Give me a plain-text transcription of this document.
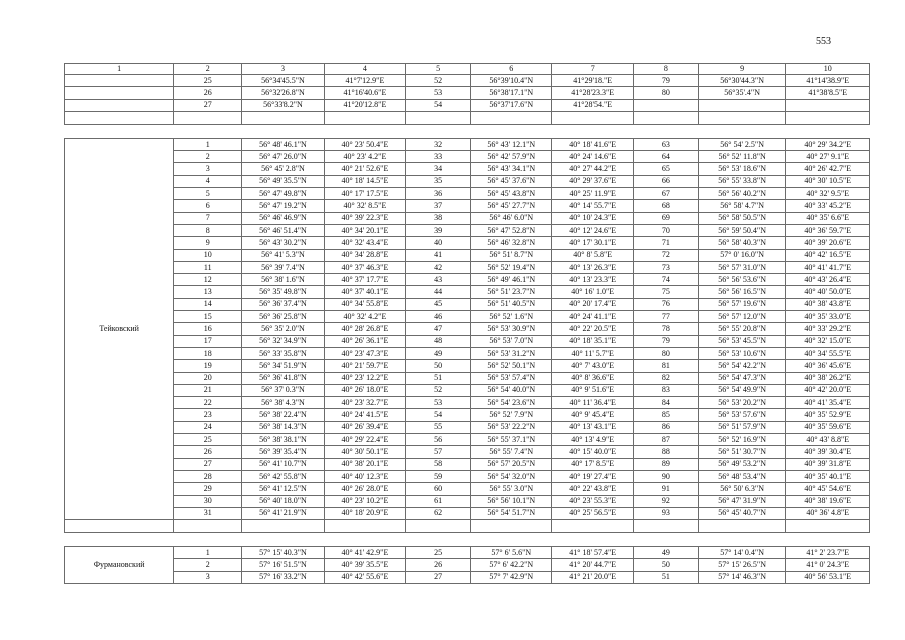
553
1	2	3	4	5	6	7	8	9	10
	25	56°34'45.5"N	41°7'12.9"E	52	56°39'10.4"N	41°29'18."E	79	56°30'44.3"N	41°14'38.9"E
	26	56°32'26.8"N	41°16'40.6"E	53	56°38'17.1"N	41°28'23.3"E	80	56°35'.4"N	41°38'8.5"E
	27	56°33'8.2"N	41°20'12.8"E	54	56°37'17.6"N	41°28'54."E			

Тейковский	1	56° 48' 46.1"N	40° 23' 50.4"E	32	56° 43' 12.1"N	40° 18' 41.6"E	63	56° 54' 2.5"N	40° 29' 34.2"E
	2	56° 47' 26.0"N	40° 23' 4.2"E	33	56° 42' 57.9"N	40° 24' 14.6"E	64	56° 52' 11.8"N	40° 27' 9.1"E
	3	56° 45' 2.8"N	40° 21' 52.6"E	34	56° 43' 34.1"N	40° 27' 44.2"E	65	56° 53' 18.6"N	40° 26' 42.7"E
	4	56° 49' 35.5"N	40° 18' 14.5"E	35	56° 45' 37.6"N	40° 29' 37.6"E	66	56° 55' 33.8"N	40° 30' 10.5"E
	5	56° 47' 49.8"N	40° 17' 17.5"E	36	56° 45' 43.8"N	40° 25' 11.9"E	67	56° 56' 40.2"N	40° 32' 9.5"E
	6	56° 47' 19.2"N	40° 32' 8.5"E	37	56° 45' 27.7"N	40° 14' 55.7"E	68	56° 58' 4.7"N	40° 33' 45.2"E
	7	56° 46' 46.9"N	40° 39' 22.3"E	38	56° 46' 6.0"N	40° 10' 24.3"E	69	56° 58' 50.5"N	40° 35' 6.6"E
	8	56° 46' 51.4"N	40° 34' 20.1"E	39	56° 47' 52.8"N	40° 12' 24.6"E	70	56° 59' 50.4"N	40° 36' 59.7"E
	9	56° 43' 30.2"N	40° 32' 43.4"E	40	56° 46' 32.8"N	40° 17' 30.1"E	71	56° 58' 40.3"N	40° 39' 20.6"E
	10	56° 41' 5.3"N	40° 34' 28.8"E	41	56° 51' 8.7"N	40° 8' 5.8"E	72	57° 0' 16.0"N	40° 42' 16.5"E
	11	56° 39' 7.4"N	40° 37' 46.3"E	42	56° 52' 19.4"N	40° 13' 26.3"E	73	56° 57' 31.0"N	40° 41' 41.7"E
	12	56° 38' 1.6"N	40° 37' 17.7"E	43	56° 49' 46.1"N	40° 13' 23.3"E	74	56° 56' 53.6"N	40° 43' 26.4"E
	13	56° 35' 49.8"N	40° 37' 40.1"E	44	56° 51' 23.7"N	40° 16' 1.0"E	75	56° 56' 16.5"N	40° 40' 50.0"E
	14	56° 36' 37.4"N	40° 34' 55.8"E	45	56° 51' 40.5"N	40° 20' 17.4"E	76	56° 57' 19.6"N	40° 38' 43.8"E
	15	56° 36' 25.8"N	40° 32' 4.2"E	46	56° 52' 1.6"N	40° 24' 41.1"E	77	56° 57' 12.0"N	40° 35' 33.0"E
	16	56° 35' 2.0"N	40° 28' 26.8"E	47	56° 53' 30.9"N	40° 22' 20.5"E	78	56° 55' 20.8"N	40° 33' 29.2"E
	17	56° 32' 34.9"N	40° 26' 36.1"E	48	56° 53' 7.0"N	40° 18' 35.1"E	79	56° 53' 45.5"N	40° 32' 15.0"E
	18	56° 33' 35.8"N	40° 23' 47.3"E	49	56° 53' 31.2"N	40° 11' 5.7"E	80	56° 53' 10.6"N	40° 34' 55.5"E
	19	56° 34' 51.9"N	40° 21' 59.7"E	50	56° 52' 50.1"N	40° 7' 43.0"E	81	56° 54' 42.2"N	40° 36' 45.6"E
	20	56° 36' 41.8"N	40° 23' 12.2"E	51	56° 53' 57.4"N	40° 8' 36.6"E	82	56° 54' 47.3"N	40° 38' 26.2"E
	21	56° 37' 0.3"N	40° 26' 18.0"E	52	56° 54' 40.0"N	40° 9' 51.6"E	83	56° 54' 49.9"N	40° 42' 20.0"E
	22	56° 38' 4.3"N	40° 23' 32.7"E	53	56° 54' 23.6"N	40° 11' 36.4"E	84	56° 53' 20.2"N	40° 41' 35.4"E
	23	56° 38' 22.4"N	40° 24' 41.5"E	54	56° 52' 7.9"N	40° 9' 45.4"E	85	56° 53' 57.6"N	40° 35' 52.9"E
	24	56° 38' 14.3"N	40° 26' 39.4"E	55	56° 53' 22.2"N	40° 13' 43.1"E	86	56° 51' 57.9"N	40° 35' 59.6"E
	25	56° 38' 38.1"N	40° 29' 22.4"E	56	56° 55' 37.1"N	40° 13' 4.9"E	87	56° 52' 16.9"N	40° 43' 8.8"E
	26	56° 39' 35.4"N	40° 30' 50.1"E	57	56° 55' 7.4"N	40° 15' 40.0"E	88	56° 51' 30.7"N	40° 39' 30.4"E
	27	56° 41' 10.7"N	40° 38' 20.1"E	58	56° 57' 20.5"N	40° 17' 8.5"E	89	56° 49' 53.2"N	40° 39' 31.8"E
	28	56° 42' 55.8"N	40° 40' 12.3"E	59	56° 54' 32.0"N	40° 19' 27.4"E	90	56° 48' 53.4"N	40° 35' 40.1"E
	29	56° 41' 12.5"N	40° 26' 28.0"E	60	56° 55' 3.0"N	40° 22' 43.8"E	91	56° 50' 6.3"N	40° 45' 54.6"E
	30	56° 40' 18.0"N	40° 23' 10.2"E	61	56° 56' 10.1"N	40° 23' 55.3"E	92	56° 47' 31.9"N	40° 38' 19.6"E
	31	56° 41' 21.9"N	40° 18' 20.9"E	62	56° 54' 51.7"N	40° 25' 56.5"E	93	56° 45' 40.7"N	40° 36' 4.8"E

Фурмановский	1	57° 15' 40.3"N	40° 41' 42.9"E	25	57° 6' 5.6"N	41° 18' 57.4"E	49	57° 14' 0.4"N	41° 2' 23.7"E
	2	57° 16' 51.5"N	40° 39' 35.5"E	26	57° 6' 42.2"N	41° 20' 44.7"E	50	57° 15' 26.5"N	41° 0' 24.3"E
	3	57° 16' 33.2"N	40° 42' 55.6"E	27	57° 7' 42.9"N	41° 21' 20.0"E	51	57° 14' 46.3"N	40° 56' 53.1"E
